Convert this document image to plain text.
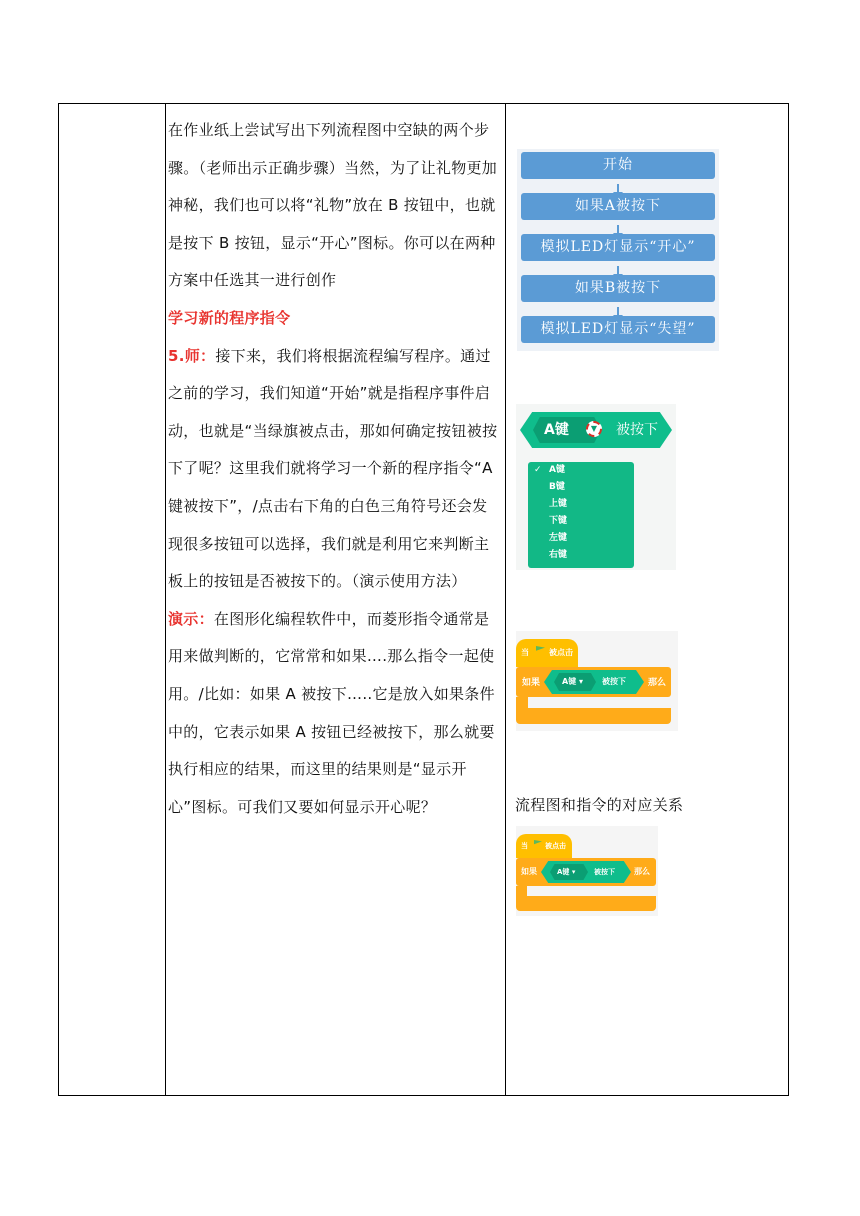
在作业纸上尝试写出下列流程图中空缺的两个步骤。（老师出示正确步骤）当然，为了让礼物更加神秘，我们也可以将“礼物”放在 B 按钮中，也就是按下 B 按钮，显示“开心”图标。你可以在两种方案中任选其一进行创作

学习新的程序指令

5.师：接下来，我们将根据流程编写程序。通过之前的学习，我们知道“开始”就是指程序事件启动，也就是“当绿旗被点击，那如何确定按钮被按下了呢？这里我们就将学习一个新的程序指令“A 键被按下”，/点击右下角的白色三角符号还会发现很多按钮可以选择，我们就是利用它来判断主板上的按钮是否被按下的。（演示使用方法）

演示：在图形化编程软件中，而菱形指令通常是用来做判断的，它常常和如果….那么指令一起使用。/比如：如果 A 被按下…..它是放入如果条件中的，它表示如果 A 按钮已经被按下，那么就要执行相应的结果，而这里的结果则是“显示开心”图标。可我们又要如何显示开心呢？

开始
如果A被按下
模拟LED灯显示“开心”
如果B被按下
模拟LED灯显示“失望”
A键	▼	被按下
✓ A键
B键
上键
下键
左键
右键
当	被点击
如果	A键 ▾ 被按下 那么
流程图和指令的对应关系
当 被点击
如果	A键 ▾	被按下 那么
